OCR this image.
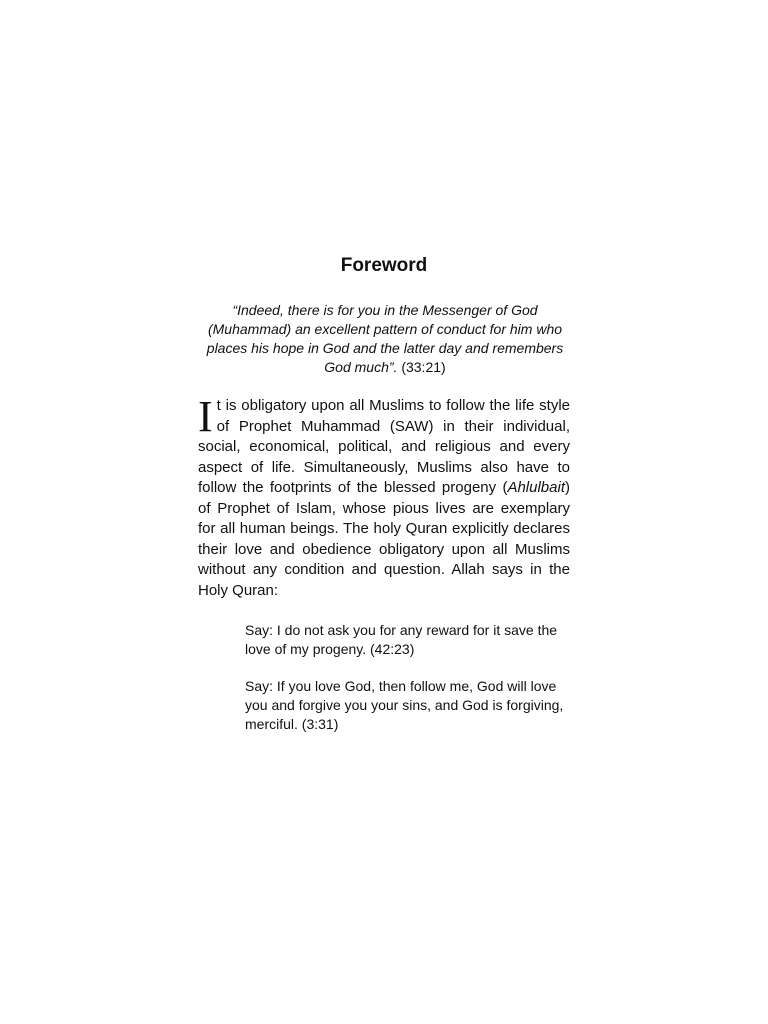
Foreword

“Indeed, there is for you in the Messenger of God (Muhammad) an excellent pattern of conduct for him who places his hope in God and the latter day and remembers God much”. (33:21)

It is obligatory upon all Muslims to follow the life style of Prophet Muhammad (SAW) in their individual, social, economical, political, and religious and every aspect of life. Simultaneously, Muslims also have to follow the footprints of the blessed progeny (Ahlulbait) of Prophet of Islam, whose pious lives are exemplary for all human beings. The holy Quran explicitly declares their love and obedience obligatory upon all Muslims without any condition and question. Allah says in the Holy Quran:

Say: I do not ask you for any reward for it save the love of my progeny. (42:23)

Say: If you love God, then follow me, God will love you and forgive you your sins, and God is forgiving, merciful. (3:31)
